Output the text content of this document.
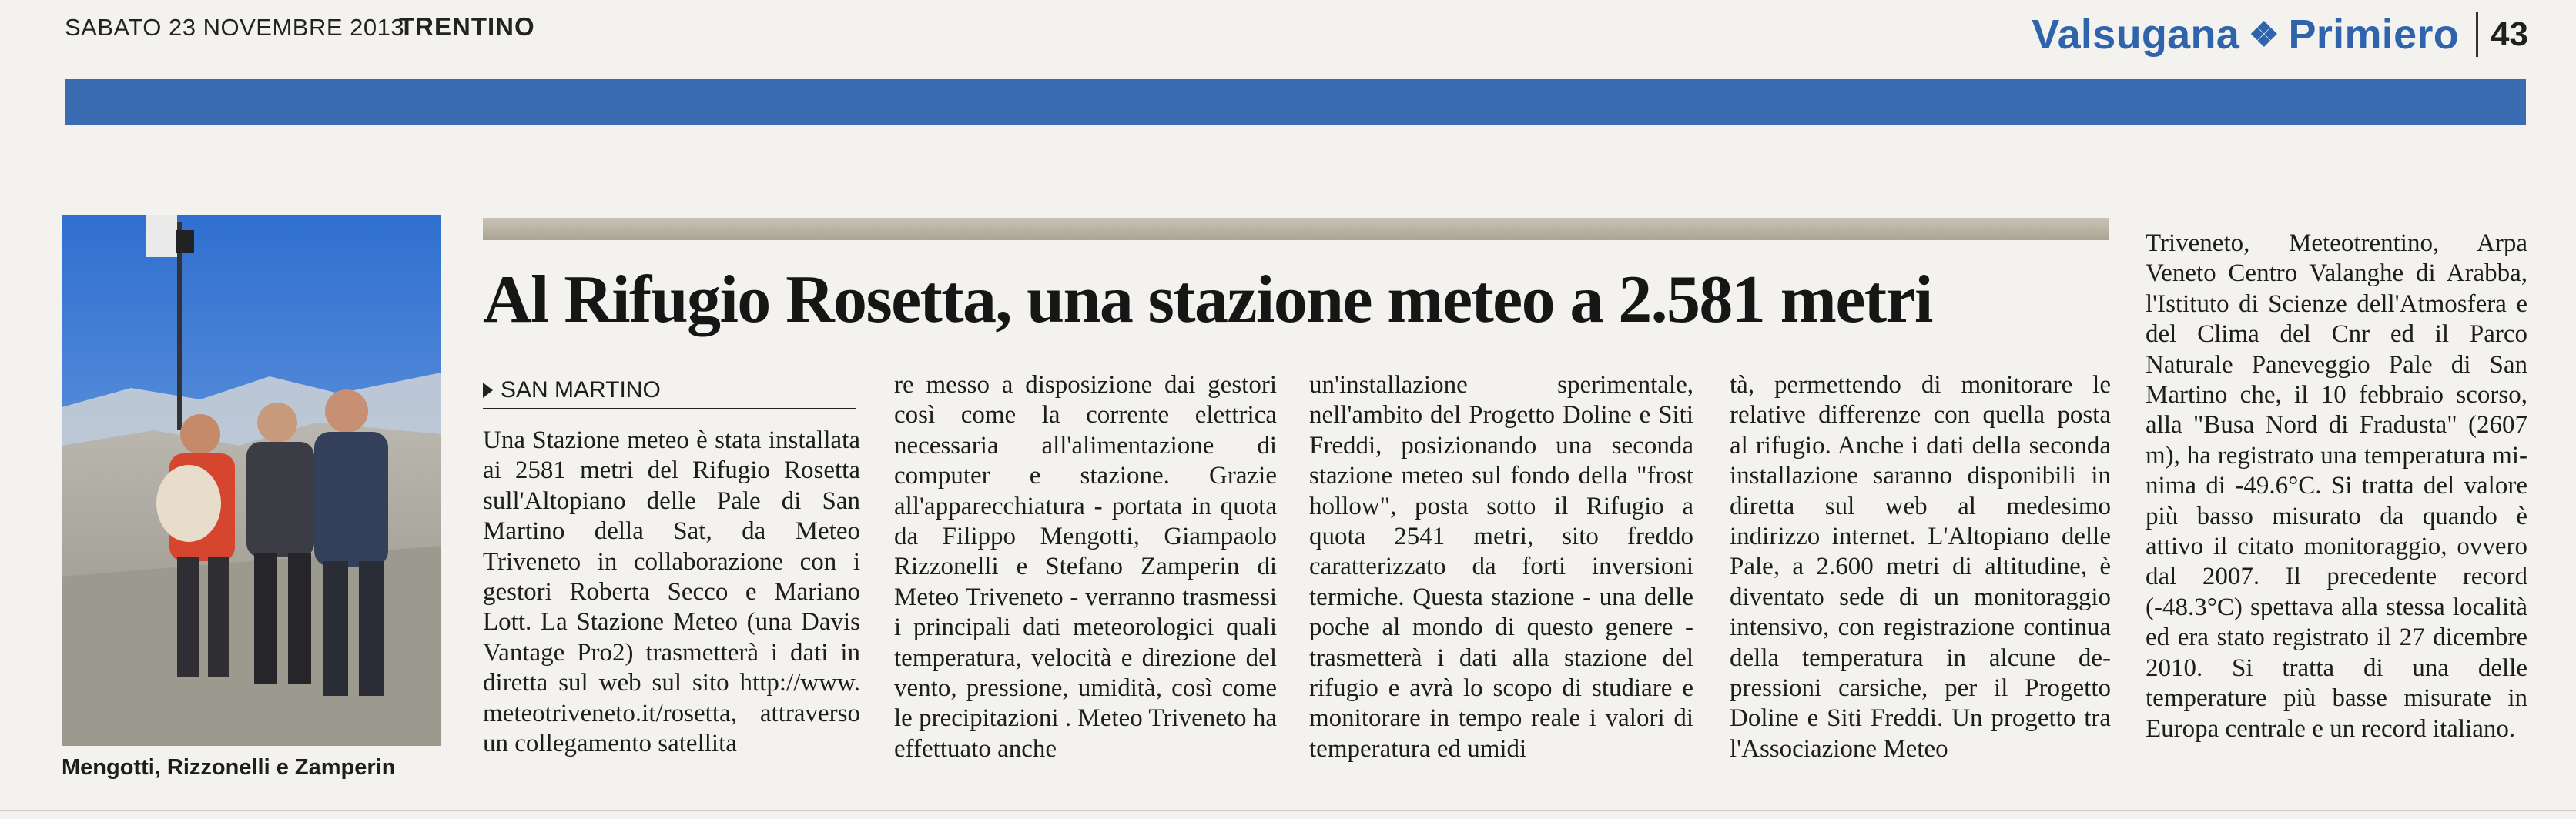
SABATO 23 NOVEMBRE 2013
TRENTINO	Valsugana ❖ Primiero 43
Mengotti, Rizzonelli e Zamperin
Al Rifugio Rosetta, una stazione meteo a 2.581 metri
SAN MARTINO

Una Stazione meteo è stata installata ai 2581 metri del Rifugio Rosetta sull'Altopiano delle Pale di San Martino della Sat, da Meteo Triveneto in collaborazione con i gestori Roberta Secco e Mariano Lott. La Stazione Meteo (una Davis Vantage Pro2) trasmetterà i dati in diretta sul web sul sito http://www. meteotriveneto.it/rosetta, attraverso un collegamento satellita

re messo a disposizione dai gestori così come la corrente elettrica necessaria all'alimentazione di computer e stazione. Grazie all'apparecchiatura - portata in quota da Filippo Mengotti, Giampaolo Rizzonelli e Stefano Zamperin di Meteo Triveneto - verranno trasmessi i principali dati meteorologici quali temperatura, velocità e direzione del vento, pressione, umidità, così come le precipitazioni . Meteo Triveneto ha effettuato anche

un'installazione sperimentale, nell'ambito del Progetto Doline e Siti Freddi, posizionando una seconda stazione meteo sul fondo della "frost hollow", posta sotto il Rifugio a quota 2541 metri, sito freddo caratterizzato da forti inversioni termiche. Questa stazione - una delle poche al mondo di questo genere - trasmetterà i dati alla stazione del rifugio e avrà lo scopo di studiare e monitorare in tempo reale i valori di temperatura ed umidi

tà, permettendo di monitorare le relative differenze con quella posta al rifugio. Anche i dati della seconda installazione saranno disponibili in diretta sul web al medesimo indirizzo internet. L'Altopiano delle Pale, a 2.600 metri di altitudine, è diventato sede di un monitoraggio intensivo, con registrazione continua della temperatura in alcune depressioni carsiche, per il Progetto Doline e Siti Freddi. Un progetto tra l'Associazione Meteo

Triveneto, Meteotrentino, Arpa Veneto Centro Valanghe di Arabba, l'Istituto di Scienze dell'Atmosfera e del Clima del Cnr ed il Parco Naturale Paneveggio Pale di San Martino che, il 10 febbraio scorso, alla "Busa Nord di Fradusta" (2607 m), ha registrato una temperatura minima di -49.6°C. Si tratta del valore più basso misurato da quando è attivo il citato monitoraggio, ovvero dal 2007. Il precedente record (-48.3°C) spettava alla stessa località ed era stato registrato il 27 dicembre 2010. Si tratta di una delle temperature più basse misurate in Europa centrale e un record italiano.
